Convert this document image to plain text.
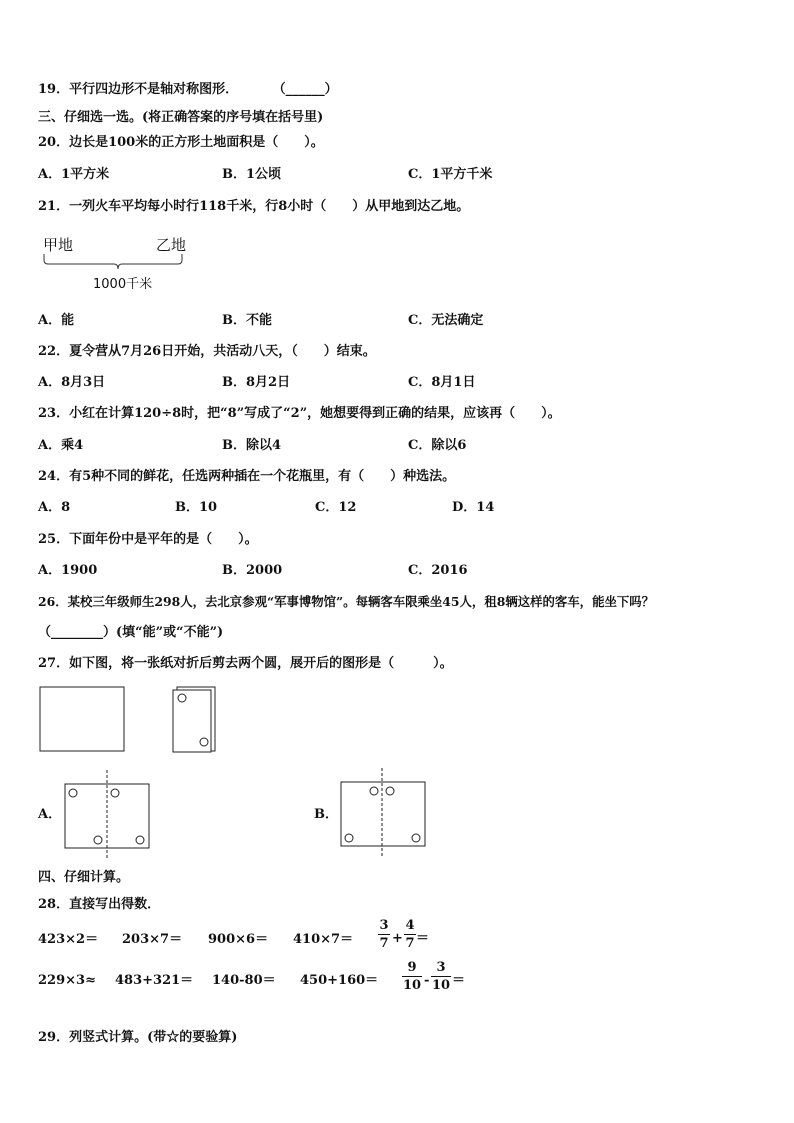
19．平行四边形不是轴对称图形．	（______）
三、仔细选一选。(将正确答案的序号填在括号里)
20．边长是100米的正方形土地面积是（　　）。
A．1平方米	B．1公顷	C．1平方千米
21．一列火车平均每小时行118千米，行8小时（　　）从甲地到达乙地。
甲地	乙地
1000千米
A．能	B．不能	C．无法确定
22．夏令营从7月26日开始，共活动八天，（　　）结束。
A．8月3日	B．8月2日	C．8月1日
23．小红在计算120÷8时，把“8”写成了“2”，她想要得到正确的结果，应该再（　　）。
A．乘4	B．除以4	C．除以6
24．有5种不同的鲜花，任选两种插在一个花瓶里，有（　　）种选法。
A．8	B．10	C．12	D．14
25．下面年份中是平年的是（　　）。
A．1900	B．2000	C．2016
26．某校三年级师生298人，去北京参观“军事博物馆”。每辆客车限乘坐45人，租8辆这样的客车，能坐下吗？
（________）(填“能”或“不能”)
27．如下图，将一张纸对折后剪去两个圆，展开后的图形是（　　　）。
A．	B．
四、仔细计算。
28．直接写出得数．
423×2＝ 203×7＝ 900×6＝ 410×7＝
3
7 +
4
7 ＝
229×3≈ 483+321＝ 140-80＝ 450+160＝
9
10 -
3
10 ＝
29．列竖式计算。(带☆的要验算)
